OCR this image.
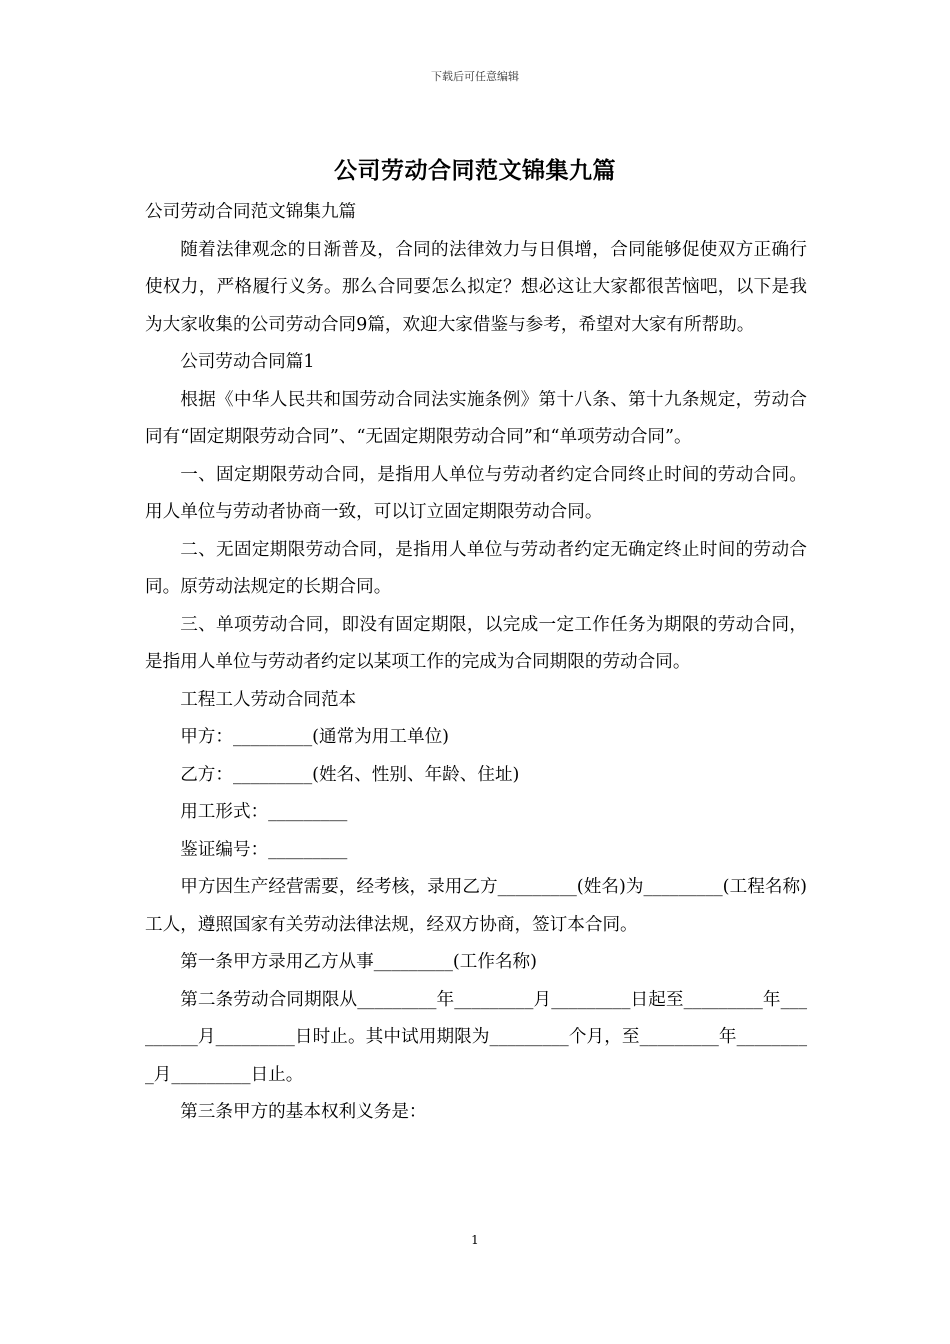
下载后可任意编辑
公司劳动合同范文锦集九篇

公司劳动合同范文锦集九篇

随着法律观念的日渐普及，合同的法律效力与日俱增，合同能够促使双方正确行使权力，严格履行义务。那么合同要怎么拟定？想必这让大家都很苦恼吧，以下是我为大家收集的公司劳动合同9篇，欢迎大家借鉴与参考，希望对大家有所帮助。

公司劳动合同篇1

根据《中华人民共和国劳动合同法实施条例》第十八条、第十九条规定，劳动合同有“固定期限劳动合同”、“无固定期限劳动合同”和“单项劳动合同”。

一、固定期限劳动合同，是指用人单位与劳动者约定合同终止时间的劳动合同。用人单位与劳动者协商一致，可以订立固定期限劳动合同。

二、无固定期限劳动合同，是指用人单位与劳动者约定无确定终止时间的劳动合同。原劳动法规定的长期合同。

三、单项劳动合同，即没有固定期限，以完成一定工作任务为期限的劳动合同，是指用人单位与劳动者约定以某项工作的完成为合同期限的劳动合同。

工程工人劳动合同范本

甲方：_________(通常为用工单位)

乙方：_________(姓名、性别、年龄、住址)

用工形式：_________

鉴证编号：_________

甲方因生产经营需要，经考核，录用乙方_________(姓名)为_________(工程名称)工人，遵照国家有关劳动法律法规，经双方协商，签订本合同。

第一条甲方录用乙方从事_________(工作名称)

第二条劳动合同期限从_________年_________月_________日起至_________年_________月_________日时止。其中试用期限为_________个月，至_________年_________月_________日止。

第三条甲方的基本权利义务是：

1
